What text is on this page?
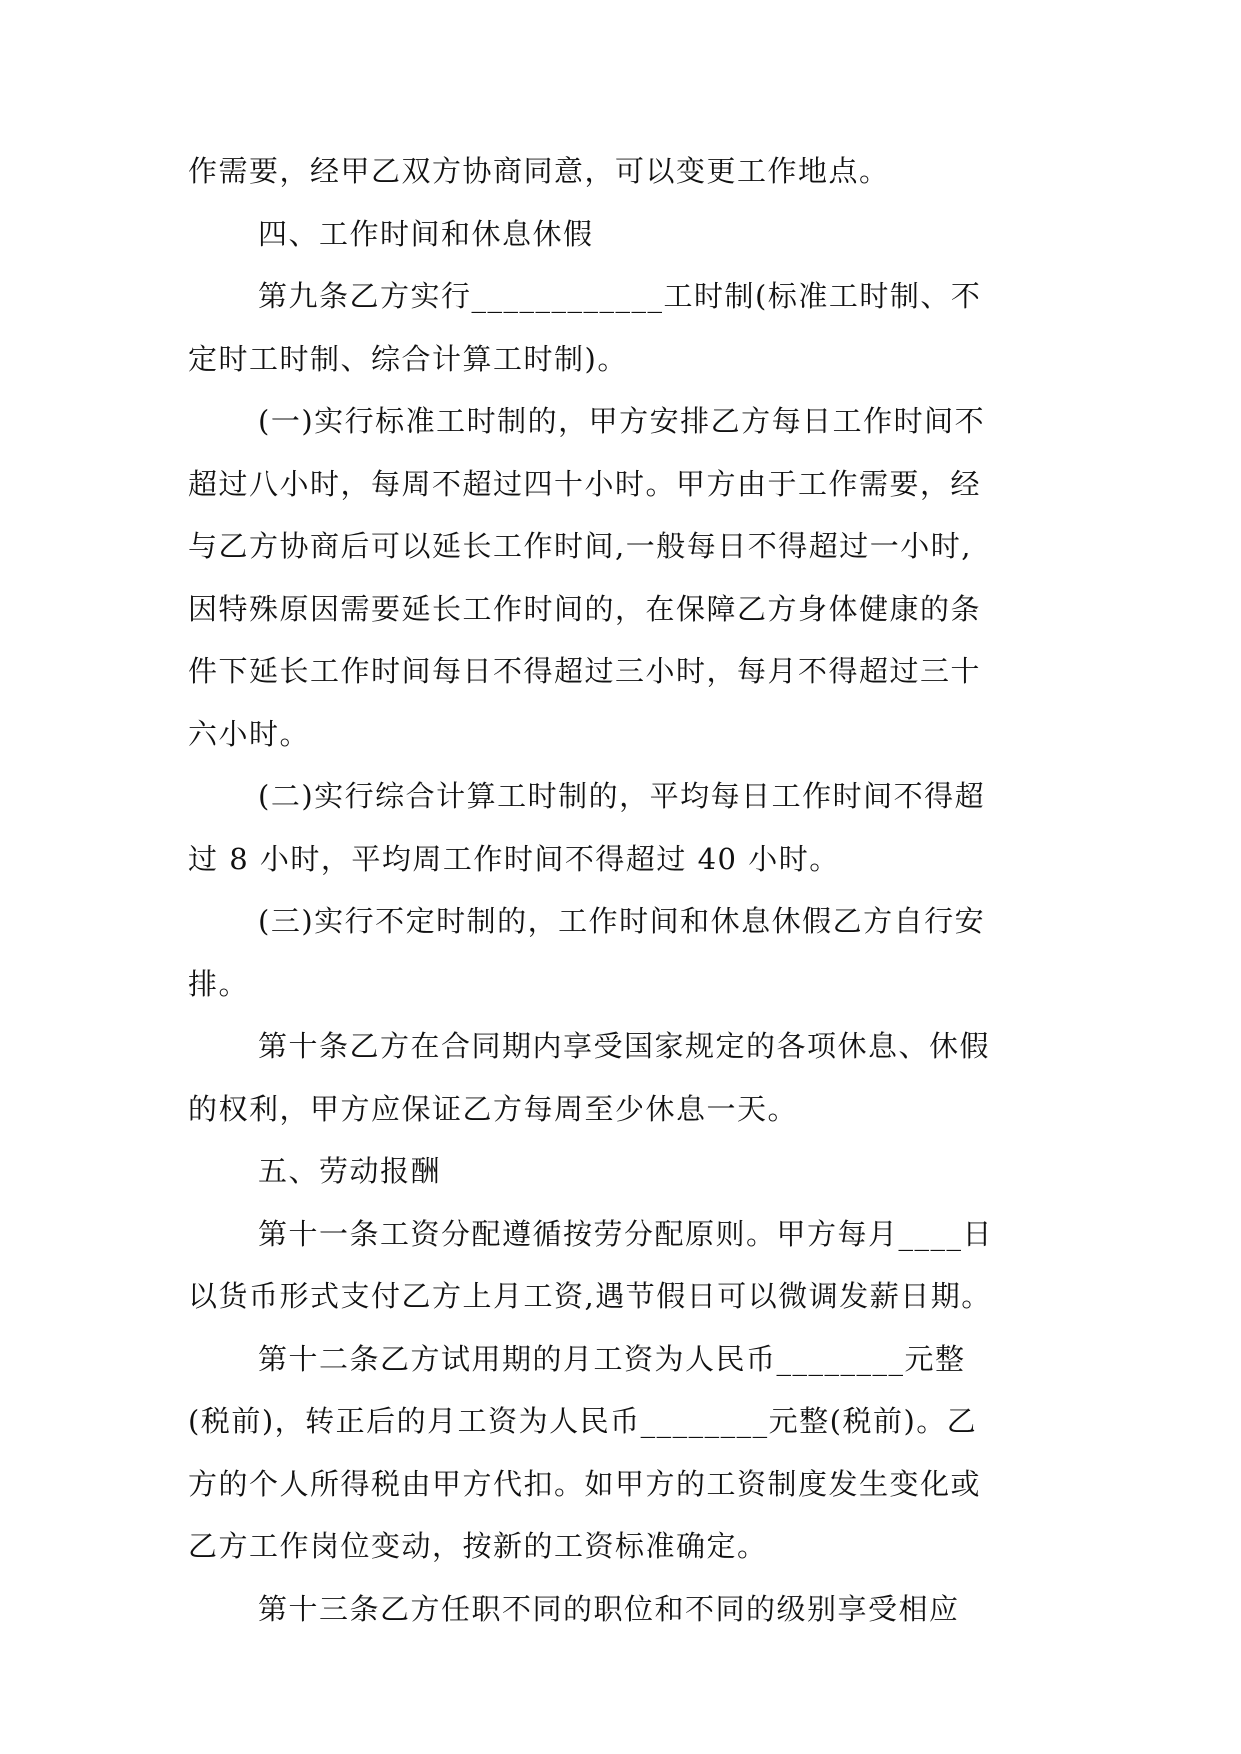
作需要，经甲乙双方协商同意，可以变更工作地点。
四、工作时间和休息休假
第九条乙方实行____________工时制(标准工时制、不
定时工时制、综合计算工时制)。
(一)实行标准工时制的，甲方安排乙方每日工作时间不
超过八小时，每周不超过四十小时。甲方由于工作需要，经
与乙方协商后可以延长工作时间,一般每日不得超过一小时,
因特殊原因需要延长工作时间的，在保障乙方身体健康的条
件下延长工作时间每日不得超过三小时，每月不得超过三十
六小时。
(二)实行综合计算工时制的，平均每日工作时间不得超
过 8 小时，平均周工作时间不得超过 40 小时。
(三)实行不定时制的，工作时间和休息休假乙方自行安
排。
第十条乙方在合同期内享受国家规定的各项休息、休假
的权利，甲方应保证乙方每周至少休息一天。
五、劳动报酬
第十一条工资分配遵循按劳分配原则。甲方每月____日
以货币形式支付乙方上月工资,遇节假日可以微调发薪日期。
第十二条乙方试用期的月工资为人民币________元整
(税前)，转正后的月工资为人民币________元整(税前)。乙
方的个人所得税由甲方代扣。如甲方的工资制度发生变化或
乙方工作岗位变动，按新的工资标准确定。
第十三条乙方任职不同的职位和不同的级别享受相应
